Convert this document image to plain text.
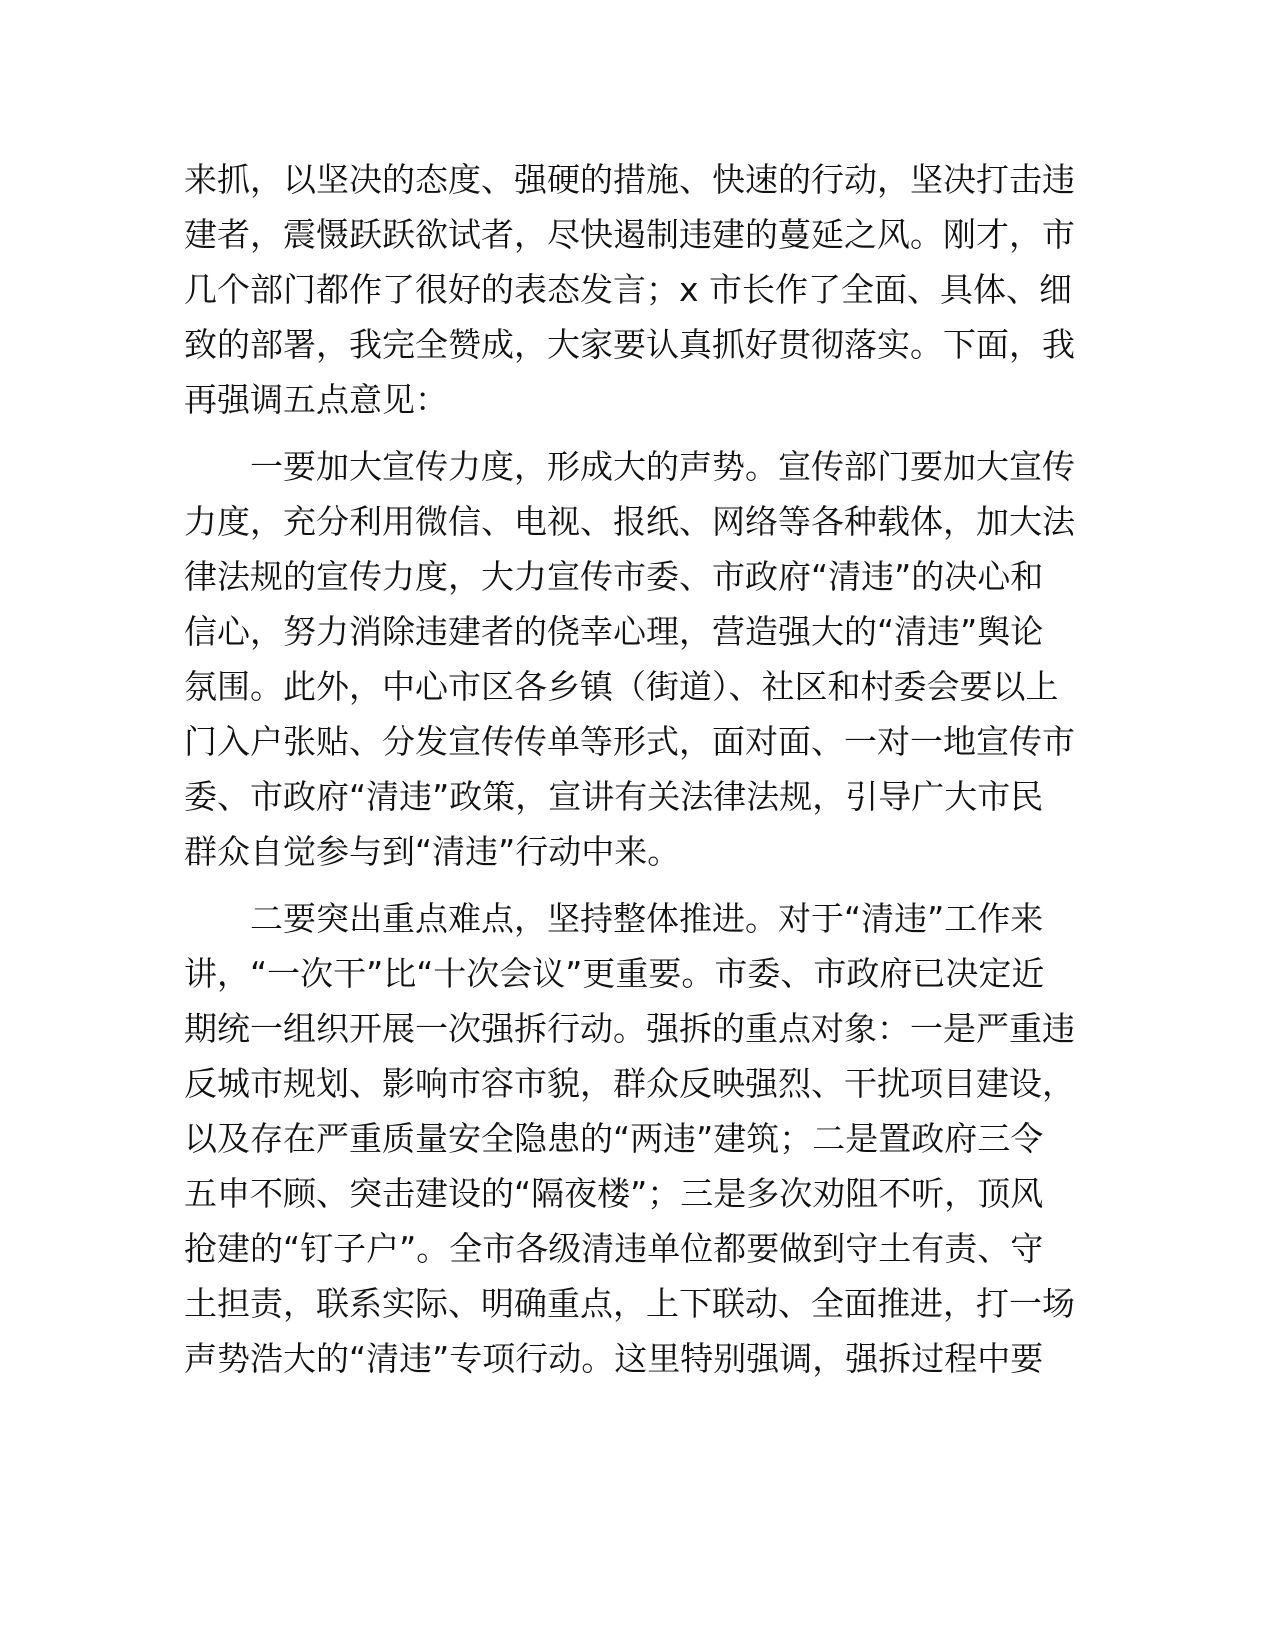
来抓，以坚决的态度、强硬的措施、快速的行动，坚决打击违
建者，震慑跃跃欲试者，尽快遏制违建的蔓延之风。刚才，市
几个部门都作了很好的表态发言；x 市长作了全面、具体、细
致的部署，我完全赞成，大家要认真抓好贯彻落实。下面，我
再强调五点意见：
　　一要加大宣传力度，形成大的声势。宣传部门要加大宣传
力度，充分利用微信、电视、报纸、网络等各种载体，加大法
律法规的宣传力度，大力宣传市委、市政府“清违”的决心和
信心，努力消除违建者的侥幸心理，营造强大的“清违”舆论
氛围。此外，中心市区各乡镇（街道）、社区和村委会要以上
门入户张贴、分发宣传传单等形式，面对面、一对一地宣传市
委、市政府“清违”政策，宣讲有关法律法规，引导广大市民
群众自觉参与到“清违”行动中来。
　　二要突出重点难点，坚持整体推进。对于“清违”工作来
讲，“一次干”比“十次会议”更重要。市委、市政府已决定近
期统一组织开展一次强拆行动。强拆的重点对象：一是严重违
反城市规划、影响市容市貌，群众反映强烈、干扰项目建设，
以及存在严重质量安全隐患的“两违”建筑；二是置政府三令
五申不顾、突击建设的“隔夜楼”；三是多次劝阻不听，顶风
抢建的“钉子户”。全市各级清违单位都要做到守土有责、守
土担责，联系实际、明确重点，上下联动、全面推进，打一场
声势浩大的“清违”专项行动。这里特别强调，强拆过程中要
